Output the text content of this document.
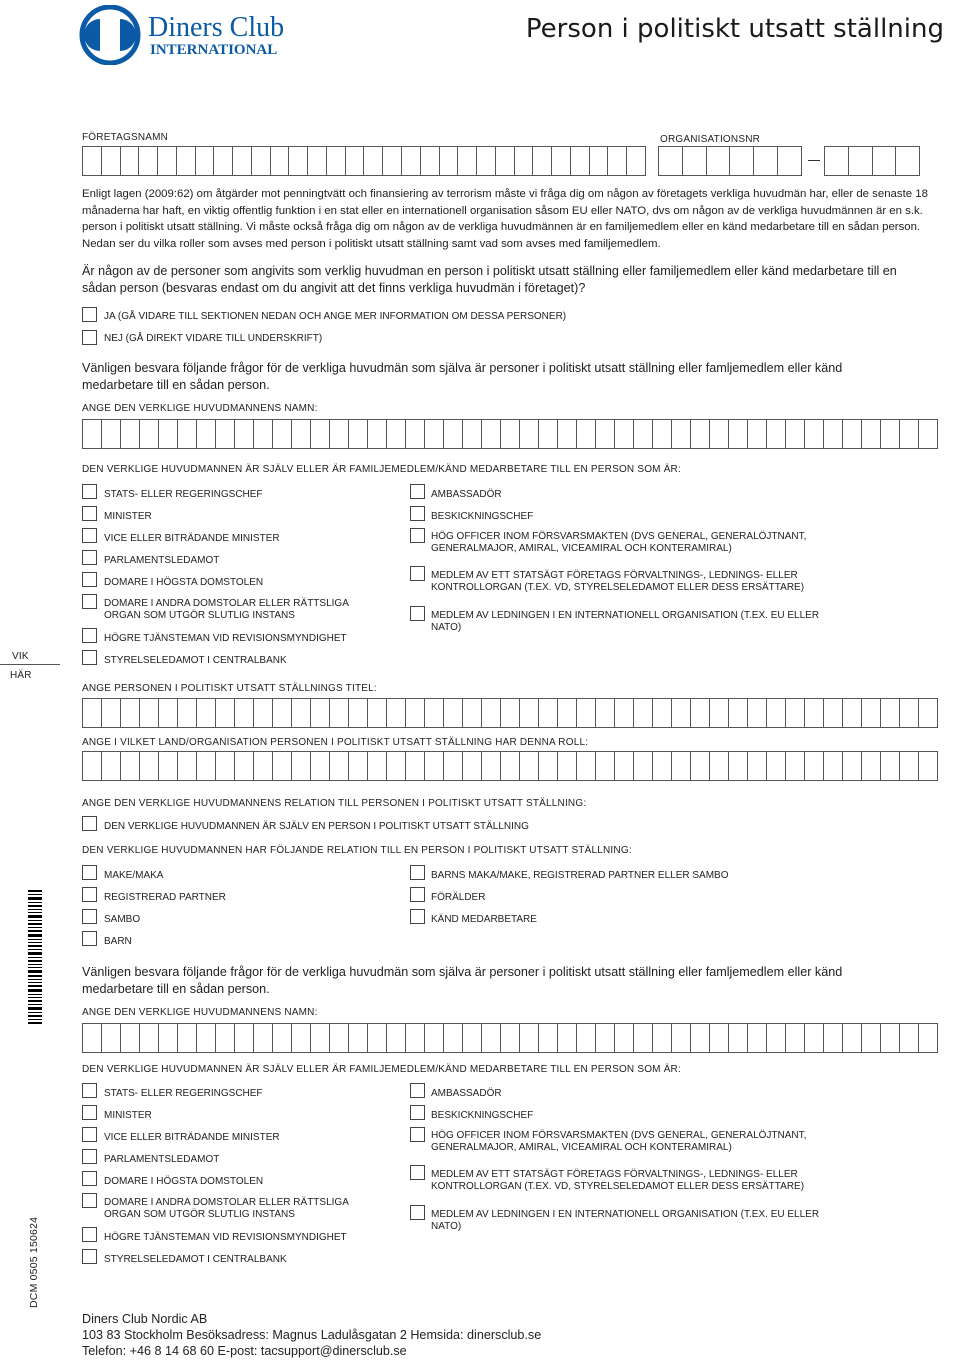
Diners Club
INTERNATIONAL
Person i politiskt utsatt ställning
FÖRETAGSNAMN	ORGANISATIONSNR
Enligt lagen (2009:62) om åtgärder mot penningtvätt och finansiering av terrorism måste vi fråga dig om någon av företagets verkliga huvudmän har, eller de senaste 18 månaderna har haft, en viktig offentlig funktion i en stat eller en internationell organisation såsom EU eller NATO, dvs om någon av de verkliga huvudmännen är en s.k. person i politiskt utsatt ställning. Vi måste också fråga dig om någon av de verkliga huvudmännen är en familjemedlem eller en känd medarbetare till en sådan person. Nedan ser du vilka roller som avses med person i politiskt utsatt ställning samt vad som avses med familjemedlem.
Är någon av de personer som angivits som verklig huvudman en person i politiskt utsatt ställning eller familjemedlem eller känd medarbetare till en sådan person (besvaras endast om du angivit att det finns verkliga huvudmän i företaget)?
JA (GÅ VIDARE TILL SEKTIONEN NEDAN OCH ANGE MER INFORMATION OM DESSA PERSONER)
NEJ (GÅ DIREKT VIDARE TILL UNDERSKRIFT)
Vänligen besvara följande frågor för de verkliga huvudmän som själva är personer i politiskt utsatt ställning eller famljemedlem eller känd medarbetare till en sådan person.
ANGE DEN VERKLIGE HUVUDMANNENS NAMN:
DEN VERKLIGE HUVUDMANNEN ÄR SJÄLV ELLER ÄR FAMILJEMEDLEM/KÄND MEDARBETARE TILL EN PERSON SOM ÄR:
STATS- ELLER REGERINGSCHEF
MINISTER
VICE ELLER BITRÄDANDE MINISTER
PARLAMENTSLEDAMOT
DOMARE I HÖGSTA DOMSTOLEN
DOMARE I ANDRA DOMSTOLAR ELLER RÄTTSLIGA ORGAN SOM UTGÖR SLUTLIG INSTANS
HÖGRE TJÄNSTEMAN VID REVISIONSMYNDIGHET
STYRELSELEDAMOT I CENTRALBANK
AMBASSADÖR
BESKICKNINGSCHEF
HÖG OFFICER INOM FÖRSVARSMAKTEN (DVS GENERAL, GENERALÖJTNANT, GENERALMAJOR, AMIRAL, VICEAMIRAL OCH KONTERAMIRAL)
MEDLEM AV ETT STATSÄGT FÖRETAGS FÖRVALTNINGS-, LEDNINGS- ELLER KONTROLLORGAN (T.EX. VD, STYRELSELEDAMOT ELLER DESS ERSÄTTARE)
MEDLEM AV LEDNINGEN I EN INTERNATIONELL ORGANISATION (T.EX. EU ELLER NATO)
VIK
HÄR
ANGE PERSONEN I POLITISKT UTSATT STÄLLNINGS TITEL:
ANGE I VILKET LAND/ORGANISATION PERSONEN I POLITISKT UTSATT STÄLLNING HAR DENNA ROLL:
ANGE DEN VERKLIGE HUVUDMANNENS RELATION TILL PERSONEN I POLITISKT UTSATT STÄLLNING:
DEN VERKLIGE HUVUDMANNEN ÄR SJÄLV EN PERSON I POLITISKT UTSATT STÄLLNING
DEN VERKLIGE HUVUDMANNEN HAR FÖLJANDE RELATION TILL EN PERSON I POLITISKT UTSATT STÄLLNING:
MAKE/MAKA
REGISTRERAD PARTNER
SAMBO
BARN
BARNS MAKA/MAKE, REGISTRERAD PARTNER ELLER SAMBO
FÖRÄLDER
KÄND MEDARBETARE
Vänligen besvara följande frågor för de verkliga huvudmän som själva är personer i politiskt utsatt ställning eller famljemedlem eller känd medarbetare till en sådan person.
ANGE DEN VERKLIGE HUVUDMANNENS NAMN:
DEN VERKLIGE HUVUDMANNEN ÄR SJÄLV ELLER ÄR FAMILJEMEDLEM/KÄND MEDARBETARE TILL EN PERSON SOM ÄR:
STATS- ELLER REGERINGSCHEF
MINISTER
VICE ELLER BITRÄDANDE MINISTER
PARLAMENTSLEDAMOT
DOMARE I HÖGSTA DOMSTOLEN
DOMARE I ANDRA DOMSTOLAR ELLER RÄTTSLIGA ORGAN SOM UTGÖR SLUTLIG INSTANS
HÖGRE TJÄNSTEMAN VID REVISIONSMYNDIGHET
STYRELSELEDAMOT I CENTRALBANK
AMBASSADÖR
BESKICKNINGSCHEF
HÖG OFFICER INOM FÖRSVARSMAKTEN (DVS GENERAL, GENERALÖJTNANT, GENERALMAJOR, AMIRAL, VICEAMIRAL OCH KONTERAMIRAL)
MEDLEM AV ETT STATSÄGT FÖRETAGS FÖRVALTNINGS-, LEDNINGS- ELLER KONTROLLORGAN (T.EX. VD, STYRELSELEDAMOT ELLER DESS ERSÄTTARE)
MEDLEM AV LEDNINGEN I EN INTERNATIONELL ORGANISATION (T.EX. EU ELLER NATO)
DCM 0505 150624
Diners Club Nordic AB
103 83 Stockholm Besöksadress: Magnus Ladulåsgatan 2 Hemsida: dinersclub.se
Telefon: +46 8 14 68 60 E-post: tacsupport@dinersclub.se
